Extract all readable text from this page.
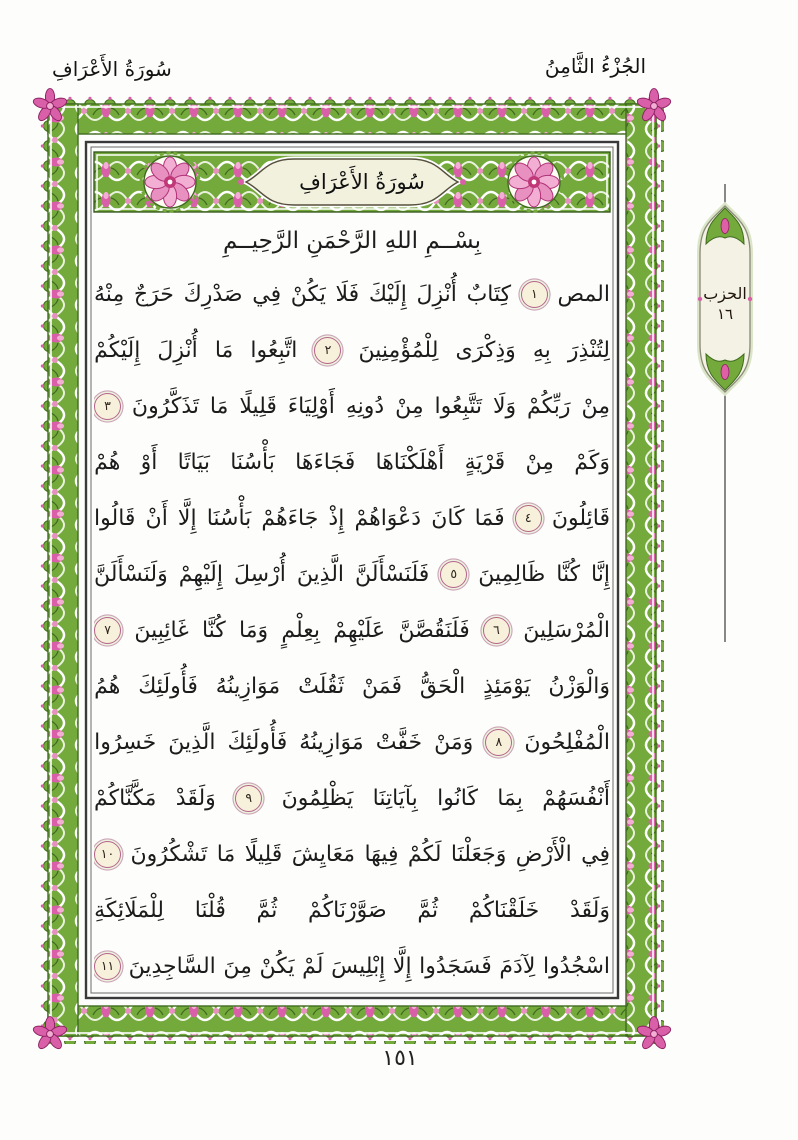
سُورَةُ الأَعْرَافِ	الجُزْءُ الثَّامِنُ
سُورَةُ الأَعْرَافِ
بِسْــمِ اللهِ الرَّحْمَنِ الرَّحِيــمِ
المص
١
كِتَابٌ
أُنْزِلَ
إِلَيْكَ
فَلَا
يَكُنْ
فِي
صَدْرِكَ
حَرَجٌ
مِنْهُ
لِتُنْذِرَ
بِهِ
وَذِكْرَى
لِلْمُؤْمِنِينَ
٢
اتَّبِعُوا
مَا
أُنْزِلَ
إِلَيْكُمْ
مِنْ
رَبِّكُمْ
وَلَا
تَتَّبِعُوا
مِنْ
دُونِهِ
أَوْلِيَاءَ
قَلِيلًا
مَا
تَذَكَّرُونَ
٣
وَكَمْ
مِنْ
قَرْيَةٍ
أَهْلَكْنَاهَا
فَجَاءَهَا
بَأْسُنَا
بَيَاتًا
أَوْ
هُمْ
قَائِلُونَ
٤
فَمَا
كَانَ
دَعْوَاهُمْ
إِذْ
جَاءَهُمْ
بَأْسُنَا
إِلَّا
أَنْ
قَالُوا
إِنَّا
كُنَّا
ظَالِمِينَ
٥
فَلَنَسْأَلَنَّ
الَّذِينَ
أُرْسِلَ
إِلَيْهِمْ
وَلَنَسْأَلَنَّ
الْمُرْسَلِينَ
٦
فَلَنَقُصَّنَّ
عَلَيْهِمْ
بِعِلْمٍ
وَمَا
كُنَّا
غَائِبِينَ
٧
وَالْوَزْنُ
يَوْمَئِذٍ
الْحَقُّ
فَمَنْ
ثَقُلَتْ
مَوَازِينُهُ
فَأُولَئِكَ
هُمُ
الْمُفْلِحُونَ
٨
وَمَنْ
خَفَّتْ
مَوَازِينُهُ
فَأُولَئِكَ
الَّذِينَ
خَسِرُوا
أَنْفُسَهُمْ
بِمَا
كَانُوا
بِآيَاتِنَا
يَظْلِمُونَ
٩
وَلَقَدْ
مَكَّنَّاكُمْ
فِي
الْأَرْضِ
وَجَعَلْنَا
لَكُمْ
فِيهَا
مَعَايِشَ
قَلِيلًا
مَا
تَشْكُرُونَ
١٠
وَلَقَدْ
خَلَقْنَاكُمْ
ثُمَّ
صَوَّرْنَاكُمْ
ثُمَّ
قُلْنَا
لِلْمَلَائِكَةِ
اسْجُدُوا
لِآدَمَ
فَسَجَدُوا
إِلَّا
إِبْلِيسَ
لَمْ
يَكُنْ
مِنَ
السَّاجِدِينَ
١١
الحزب
١٦
١٥١
